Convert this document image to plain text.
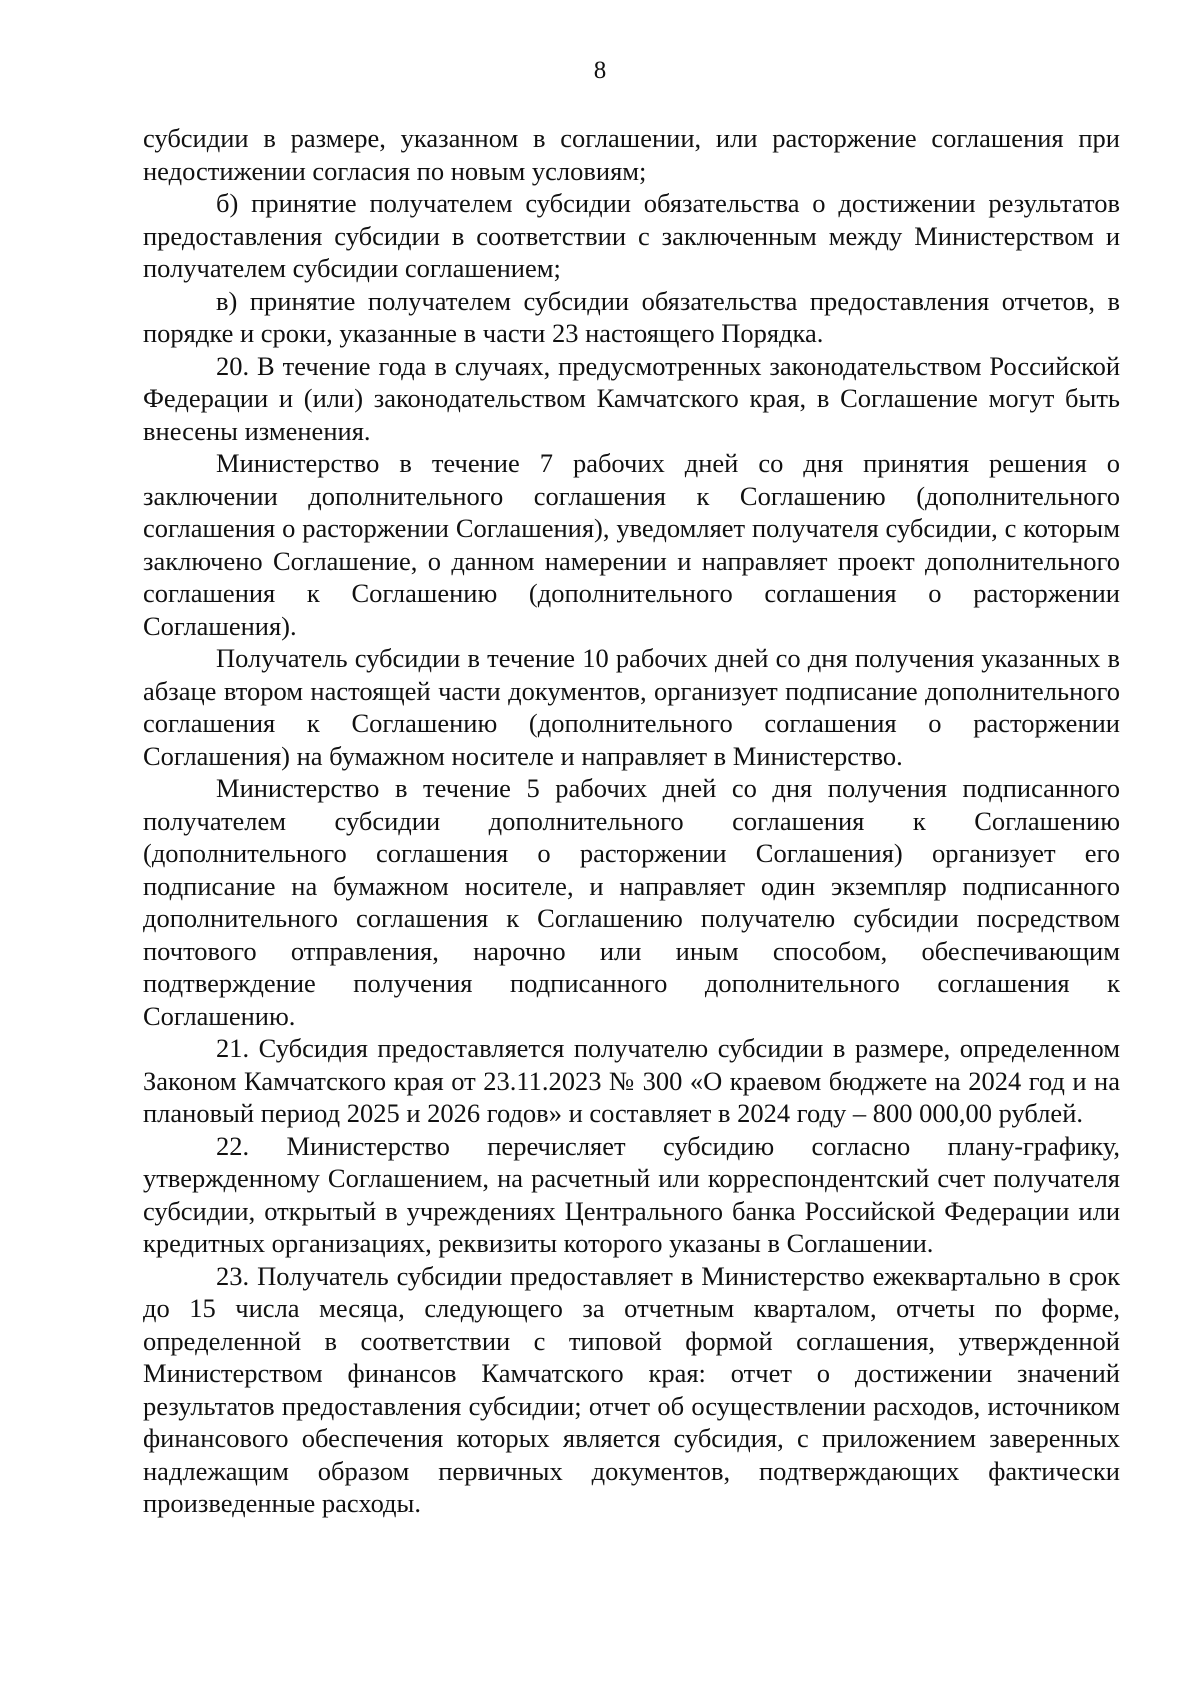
8

субсидии в размере, указанном в соглашении, или расторжение соглашения при недостижении согласия по новым условиям;

б) принятие получателем субсидии обязательства о достижении результатов предоставления субсидии в соответствии с заключенным между Министерством и получателем субсидии соглашением;

в) принятие получателем субсидии обязательства предоставления отчетов, в порядке и сроки, указанные в части 23 настоящего Порядка.

20. В течение года в случаях, предусмотренных законодательством Российской Федерации и (или) законодательством Камчатского края, в Соглашение могут быть внесены изменения.

Министерство в течение 7 рабочих дней со дня принятия решения о заключении дополнительного соглашения к Соглашению (дополнительного соглашения о расторжении Соглашения), уведомляет получателя субсидии, с которым заключено Соглашение, о данном намерении и направляет проект дополнительного соглашения к Соглашению (дополнительного соглашения о расторжении Соглашения).

Получатель субсидии в течение 10 рабочих дней со дня получения указанных в абзаце втором настоящей части документов, организует подписание дополнительного соглашения к Соглашению (дополнительного соглашения о расторжении Соглашения) на бумажном носителе и направляет в Министерство.

Министерство в течение 5 рабочих дней со дня получения подписанного получателем субсидии дополнительного соглашения к Соглашению (дополнительного соглашения о расторжении Соглашения) организует его подписание на бумажном носителе, и направляет один экземпляр подписанного дополнительного соглашения к Соглашению получателю субсидии посредством почтового отправления, нарочно или иным способом, обеспечивающим подтверждение получения подписанного дополнительного соглашения к Соглашению.

21. Субсидия предоставляется получателю субсидии в размере, определенном Законом Камчатского края от 23.11.2023 № 300 «О краевом бюджете на 2024 год и на плановый период 2025 и 2026 годов» и составляет в 2024 году – 800 000,00 рублей.

22. Министерство перечисляет субсидию согласно плану-графику, утвержденному Соглашением, на расчетный или корреспондентский счет получателя субсидии, открытый в учреждениях Центрального банка Российской Федерации или кредитных организациях, реквизиты которого указаны в Соглашении.

23. Получатель субсидии предоставляет в Министерство ежеквартально в срок до 15 числа месяца, следующего за отчетным кварталом, отчеты по форме, определенной в соответствии с типовой формой соглашения, утвержденной Министерством финансов Камчатского края: отчет о достижении значений результатов предоставления субсидии; отчет об осуществлении расходов, источником финансового обеспечения которых является субсидия, с приложением заверенных надлежащим образом первичных документов, подтверждающих фактически произведенные расходы.
